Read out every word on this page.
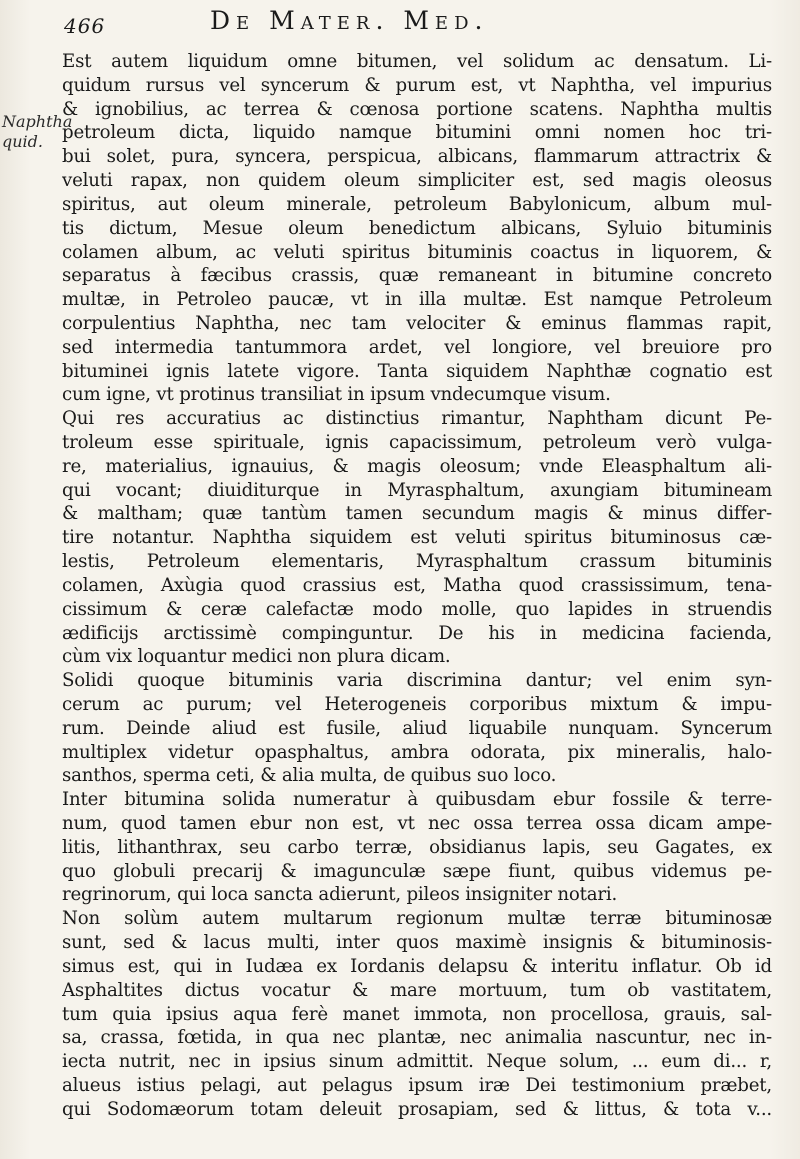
466	De Mater. Med.
Naphtha
quid.
Est autem liquidum omne bitumen, vel solidum ac densatum. Li-
quidum rursus vel syncerum & purum est, vt Naphtha, vel impurius
& ignobilius, ac terrea & cœnosa portione scatens. Naphtha multis
petroleum dicta, liquido namque bitumini omni nomen hoc tri-
bui solet, pura, syncera, perspicua, albicans, flammarum attractrix &
veluti rapax, non quidem oleum simpliciter est, sed magis oleosus
spiritus, aut oleum minerale, petroleum Babylonicum, album mul-
tis dictum, Mesue oleum benedictum albicans, Syluio bituminis
colamen album, ac veluti spiritus bituminis coactus in liquorem, &
separatus à fæcibus crassis, quæ remaneant in bitumine concreto
multæ, in Petroleo paucæ, vt in illa multæ. Est namque Petroleum
corpulentius Naphtha, nec tam velociter & eminus flammas rapit,
sed intermedia tantummora ardet, vel longiore, vel breuiore pro
bituminei ignis latete vigore. Tanta siquidem Naphthæ cognatio est
cum igne, vt protinus transiliat in ipsum vndecumque visum.
Qui res accuratius ac distinctius rimantur, Naphtham dicunt Pe-
troleum esse spirituale, ignis capacissimum, petroleum verò vulga-
re, materialius, ignauius, & magis oleosum; vnde Eleasphaltum ali-
qui vocant; diuiditurque in Myrasphaltum, axungiam bitumineam
& maltham; quæ tantùm tamen secundum magis & minus differ-
tire notantur. Naphtha siquidem est veluti spiritus bituminosus cæ-
lestis, Petroleum elementaris, Myrasphaltum crassum bituminis
colamen, Axùgia quod crassius est, Matha quod crassissimum, tena-
cissimum & ceræ calefactæ modo molle, quo lapides in struendis
ædificijs arctissimè compinguntur. De his in medicina facienda,
cùm vix loquantur medici non plura dicam.
Solidi quoque bituminis varia discrimina dantur; vel enim syn-
cerum ac purum; vel Heterogeneis corporibus mixtum & impu-
rum. Deinde aliud est fusile, aliud liquabile nunquam. Syncerum
multiplex videtur opasphaltus, ambra odorata, pix mineralis, halo-
santhos, sperma ceti, & alia multa, de quibus suo loco.
Inter bitumina solida numeratur à quibusdam ebur fossile & terre-
num, quod tamen ebur non est, vt nec ossa terrea ossa dicam ampe-
litis, lithanthrax, seu carbo terræ, obsidianus lapis, seu Gagates, ex
quo globuli precarij & imagunculæ sæpe fiunt, quibus videmus pe-
regrinorum, qui loca sancta adierunt, pileos insigniter notari.
Non solùm autem multarum regionum multæ terræ bituminosæ
sunt, sed & lacus multi, inter quos maximè insignis & bituminosis-
simus est, qui in Iudæa ex Iordanis delapsu & interitu inflatur. Ob id
Asphaltites dictus vocatur & mare mortuum, tum ob vastitatem,
tum quia ipsius aqua ferè manet immota, non procellosa, grauis, sal-
sa, crassa, fœtida, in qua nec plantæ, nec animalia nascuntur, nec in-
iecta nutrit, nec in ipsius sinum admittit. Neque solum, ... eum di... r,
alueus istius pelagi, aut pelagus ipsum iræ Dei testimonium præbet,
qui Sodomæorum totam deleuit prosapiam, sed & littus, & tota v...
